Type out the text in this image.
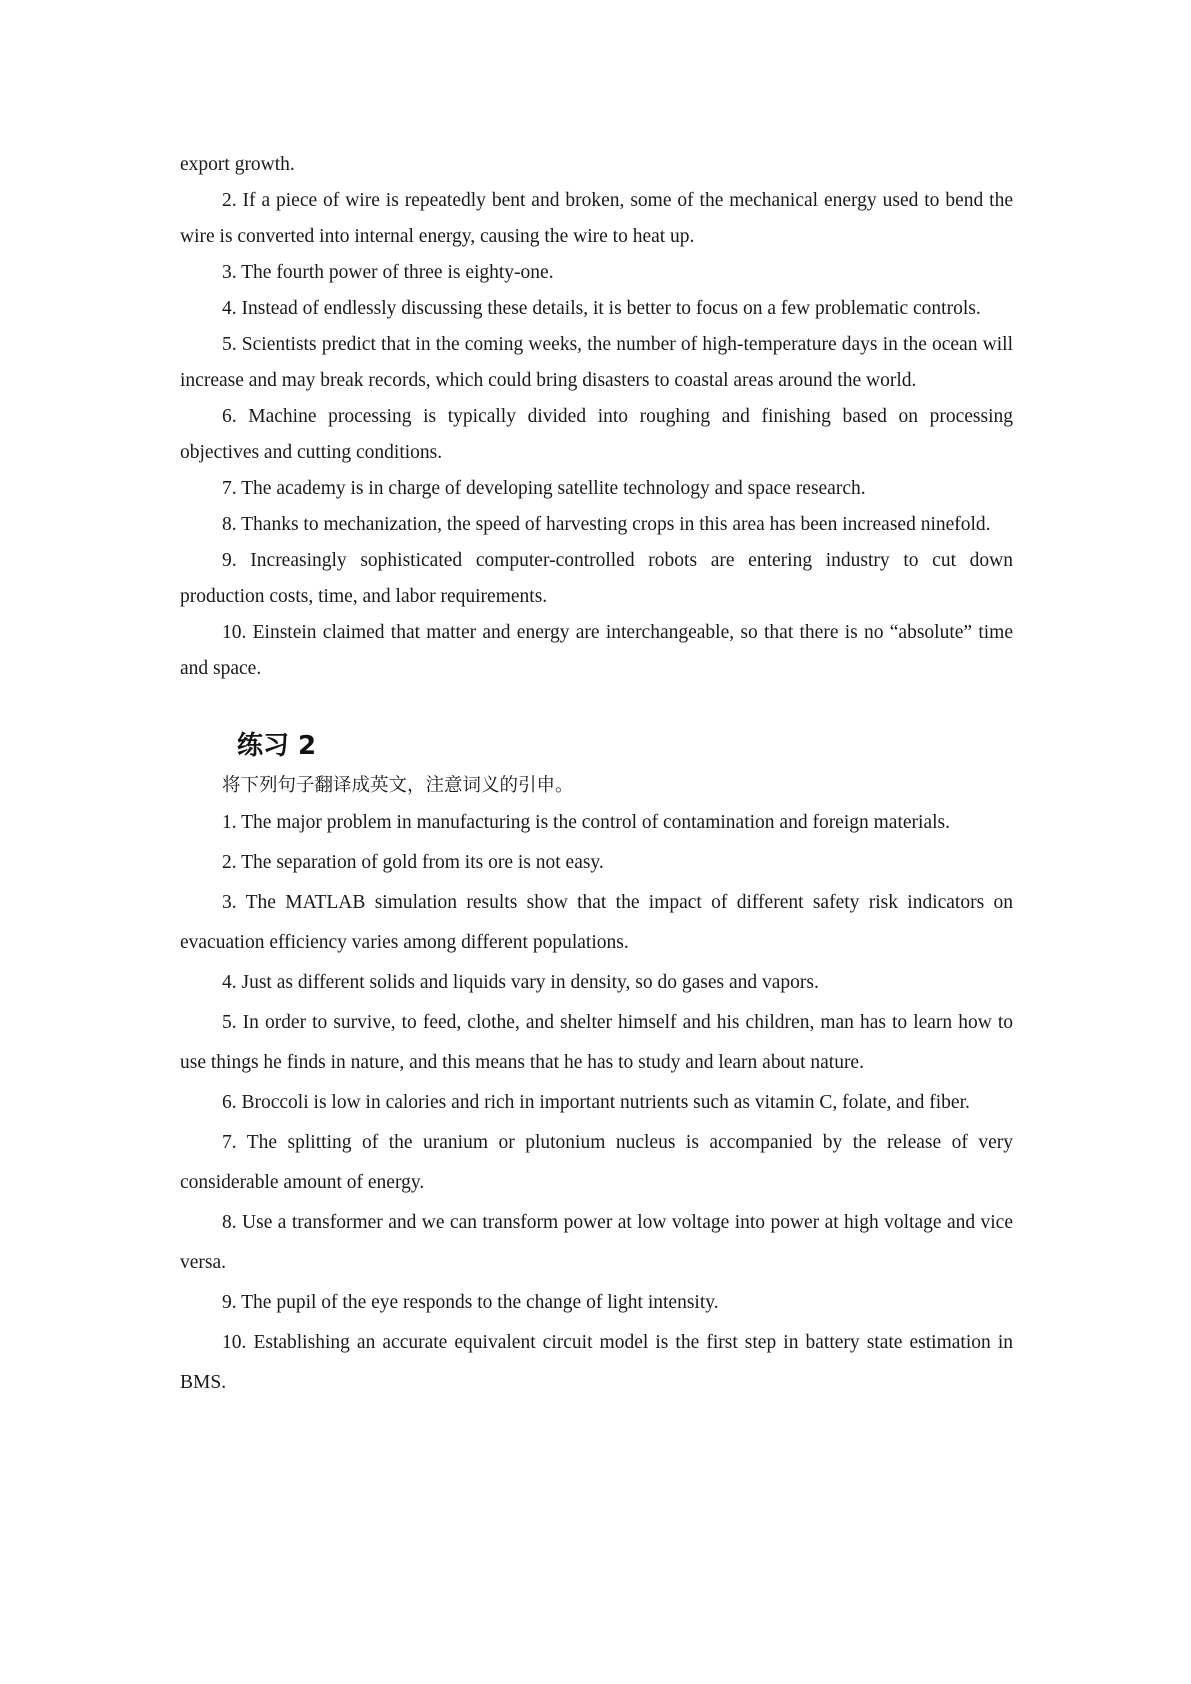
export growth.

2. If a piece of wire is repeatedly bent and broken, some of the mechanical energy used to bend the wire is converted into internal energy, causing the wire to heat up.

3. The fourth power of three is eighty-one.

4. Instead of endlessly discussing these details, it is better to focus on a few problematic controls.

5. Scientists predict that in the coming weeks, the number of high-temperature days in the ocean will increase and may break records, which could bring disasters to coastal areas around the world.

6. Machine processing is typically divided into roughing and finishing based on processing objectives and cutting conditions.

7. The academy is in charge of developing satellite technology and space research.

8. Thanks to mechanization, the speed of harvesting crops in this area has been increased ninefold.

9. Increasingly sophisticated computer-controlled robots are entering industry to cut down production costs, time, and labor requirements.

10. Einstein claimed that matter and energy are interchangeable, so that there is no “absolute” time and space.

练习 2

将下列句子翻译成英文，注意词义的引申。

1. The major problem in manufacturing is the control of contamination and foreign materials.

2. The separation of gold from its ore is not easy.

3. The MATLAB simulation results show that the impact of different safety risk indicators on evacuation efficiency varies among different populations.

4. Just as different solids and liquids vary in density, so do gases and vapors.

5. In order to survive, to feed, clothe, and shelter himself and his children, man has to learn how to use things he finds in nature, and this means that he has to study and learn about nature.

6. Broccoli is low in calories and rich in important nutrients such as vitamin C, folate, and fiber.

7. The splitting of the uranium or plutonium nucleus is accompanied by the release of very considerable amount of energy.

8. Use a transformer and we can transform power at low voltage into power at high voltage and vice versa.

9. The pupil of the eye responds to the change of light intensity.

10. Establishing an accurate equivalent circuit model is the first step in battery state estimation in BMS.
